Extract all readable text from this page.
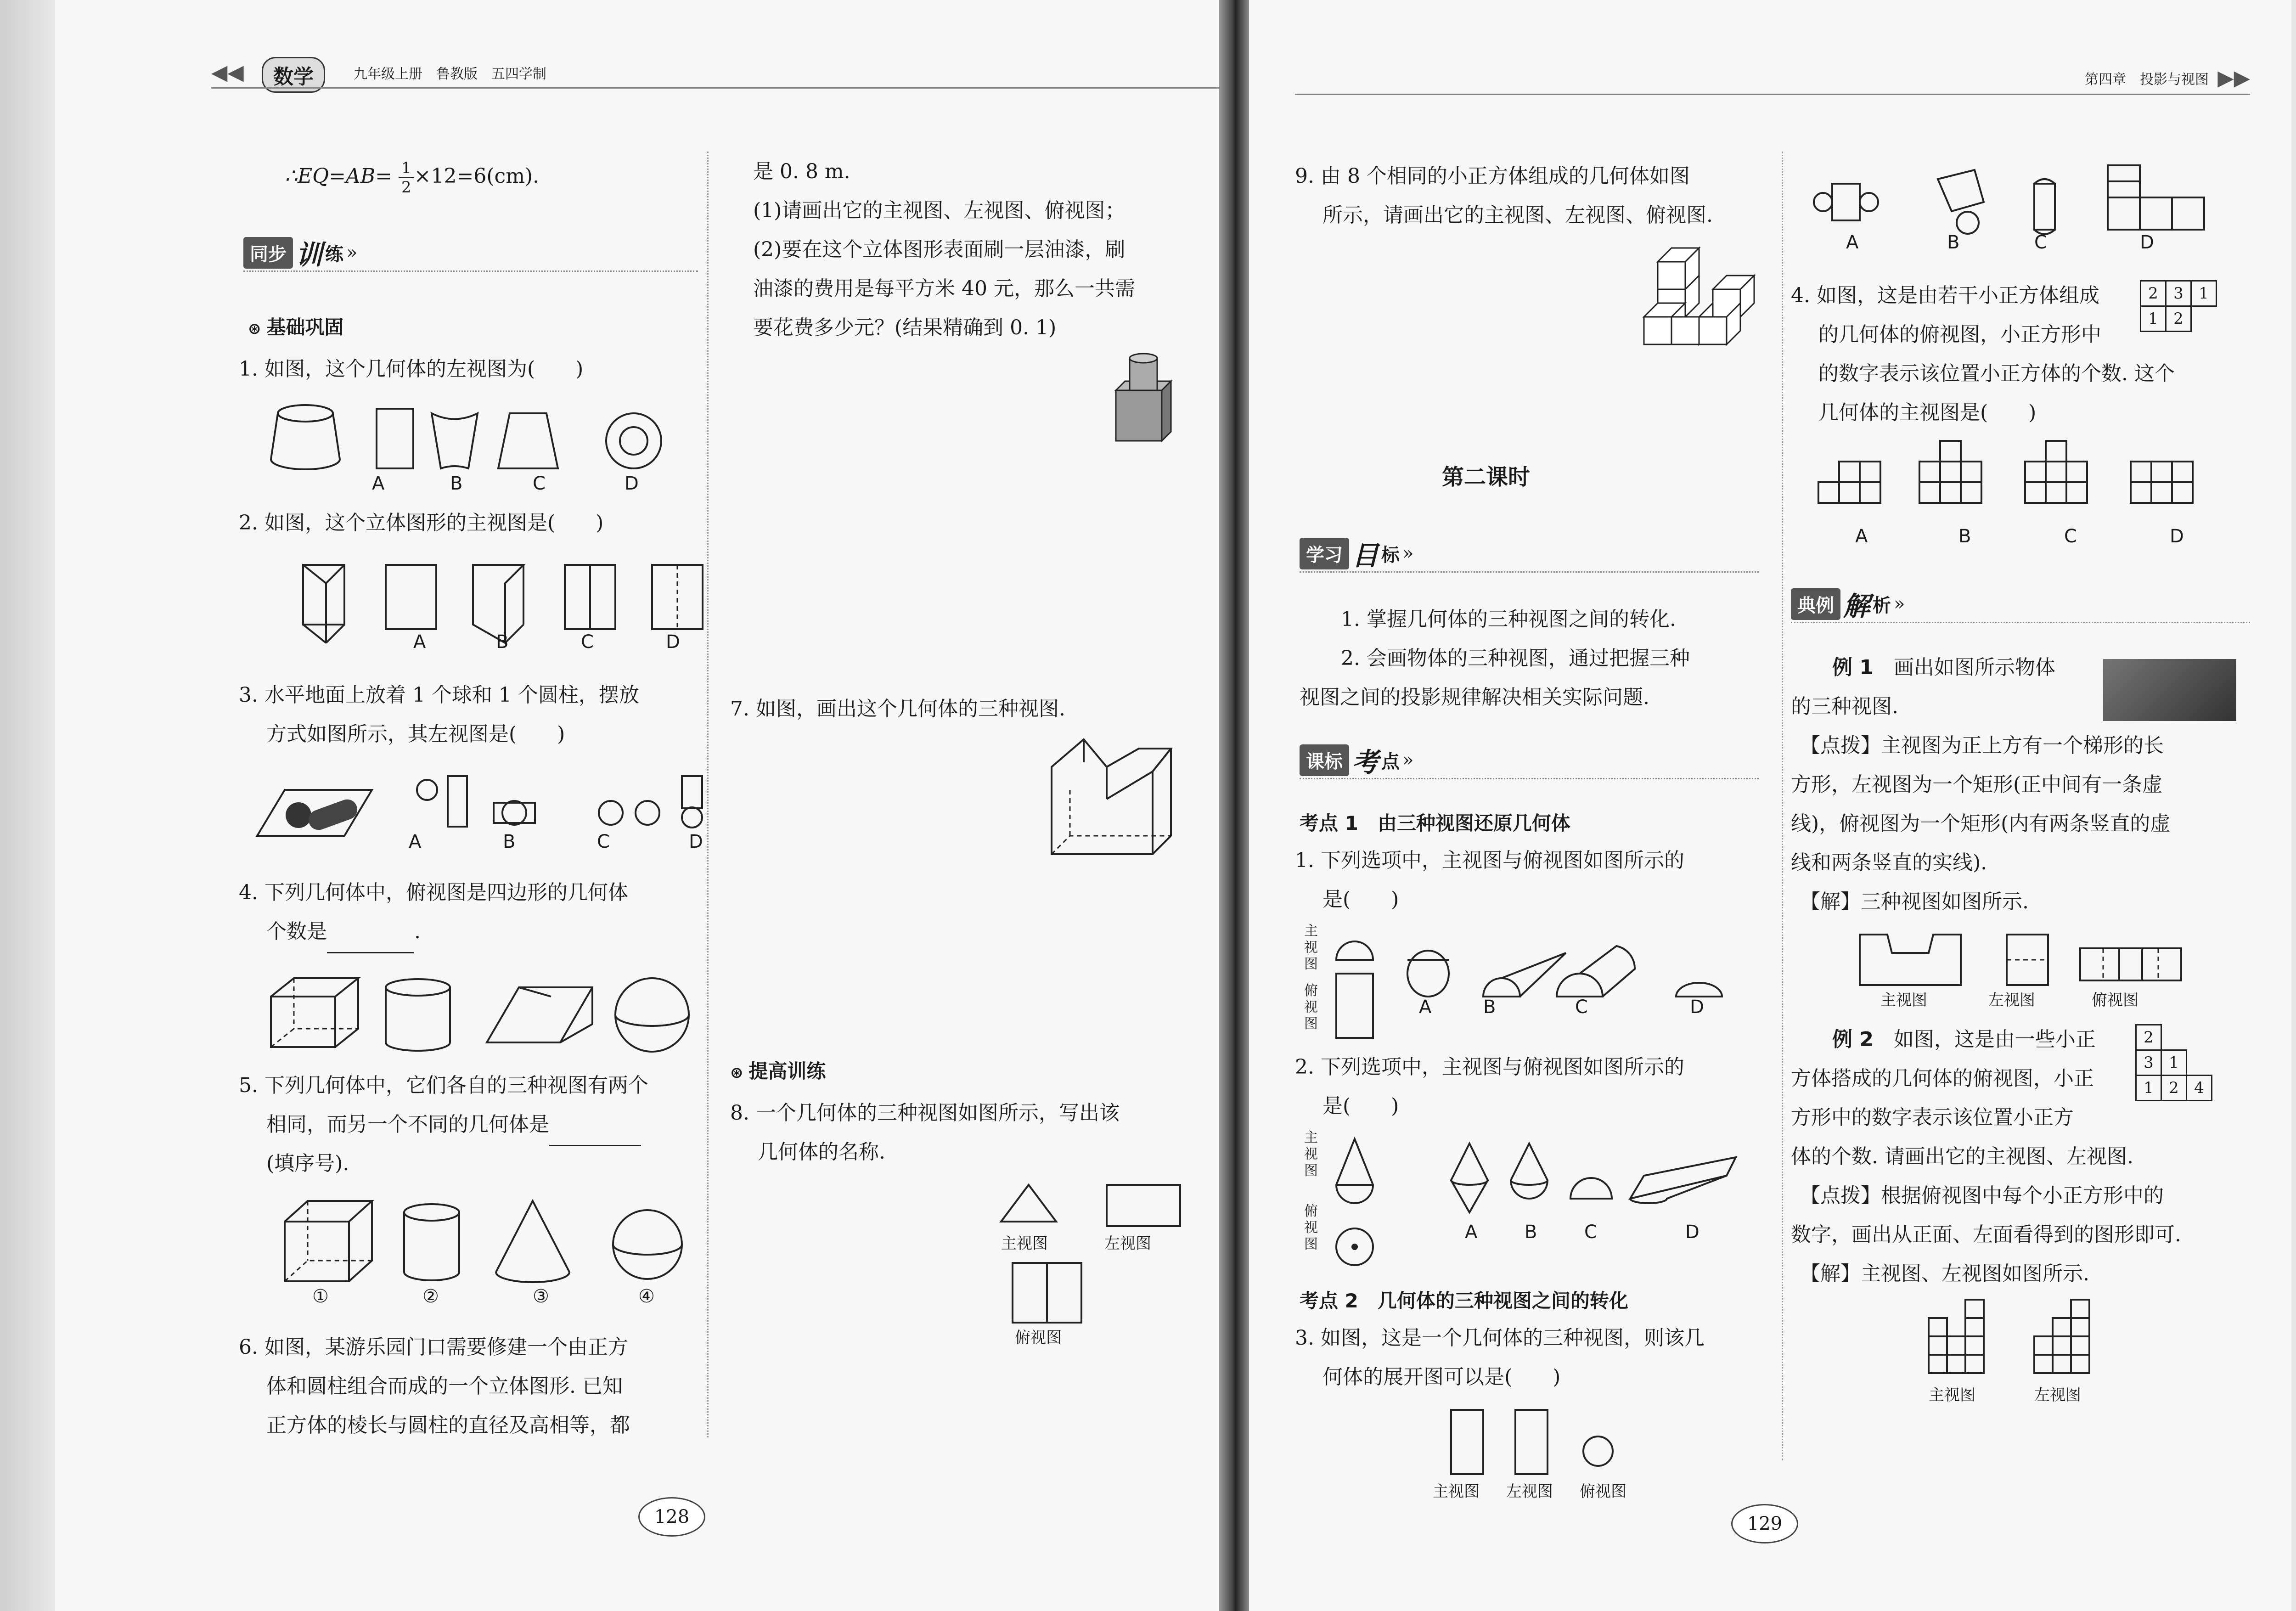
◀◀	数学	九年级上册　鲁教版　五四学制
∴EQ=AB= $\frac{1}{2} \times 12=6(cm)$.
同步 训 练 »
⊛ 基础巩固
1. 如图，这个几何体的左视图为(　　)
A	B	C	D
2. 如图，这个立体图形的主视图是(　　)
A	B	C	D
3. 水平地面上放着 1 个球和 1 个圆柱，摆放
方式如图所示，其左视图是(　　)
A	B	C	D
4. 下列几何体中，俯视图是四边形的几何体
个数是	.
5. 下列几何体中，它们各自的三种视图有两个
相同，而另一个不同的几何体是
(填序号).
①	②	③	④
6. 如图，某游乐园门口需要修建一个由正方
体和圆柱组合而成的一个立体图形. 已知
正方体的棱长与圆柱的直径及高相等，都
是 0. 8 m.
(1)请画出它的主视图、左视图、俯视图；
(2)要在这个立体图形表面刷一层油漆，刷
油漆的费用是每平方米 40 元，那么一共需
要花费多少元？(结果精确到 0. 1)
7. 如图，画出这个几何体的三种视图.
⊛ 提高训练
8. 一个几何体的三种视图如图所示，写出该
几何体的名称.
主视图	左视图
俯视图
128
第四章　投影与视图 ▶▶
9. 由 8 个相同的小正方体组成的几何体如图
所示，请画出它的主视图、左视图、俯视图.
第二课时
学习 目 标 »
1. 掌握几何体的三种视图之间的转化.
2. 会画物体的三种视图，通过把握三种
视图之间的投影规律解决相关实际问题.
课标 考 点 »
考点 1　由三种视图还原几何体
1. 下列选项中，主视图与俯视图如图所示的
是(　　)
主视图
俯视图
A	B	C	D
2. 下列选项中，主视图与俯视图如图所示的
是(　　)
主视图
俯视图
A	B	C	D
考点 2　几何体的三种视图之间的转化
3. 如图，这是一个几何体的三种视图，则该几
何体的展开图可以是(　　)
主视图 左视图 俯视图
129
A	B	C	D
4. 如图，这是由若干小正方体组成
的几何体的俯视图，小正方形中
的数字表示该位置小正方体的个数. 这个
几何体的主视图是(　　)
2	3	1
1	2	
A	B	C	D
典例 解 析 »
例 1　 画出如图所示物体
的三种视图.
【点拨】主视图为正上方有一个梯形的长
方形，左视图为一个矩形(正中间有一条虚
线)，俯视图为一个矩形(内有两条竖直的虚
线和两条竖直的实线).
【解】三种视图如图所示.
主视图	左视图	俯视图
例 2　 如图，这是由一些小正
方体搭成的几何体的俯视图，小正
方形中的数字表示该位置小正方
体的个数. 请画出它的主视图、左视图.
2		
3	1	
1	2	4
【点拨】根据俯视图中每个小正方形中的
数字，画出从正面、左面看得到的图形即可.
【解】主视图、左视图如图所示.
主视图	左视图
